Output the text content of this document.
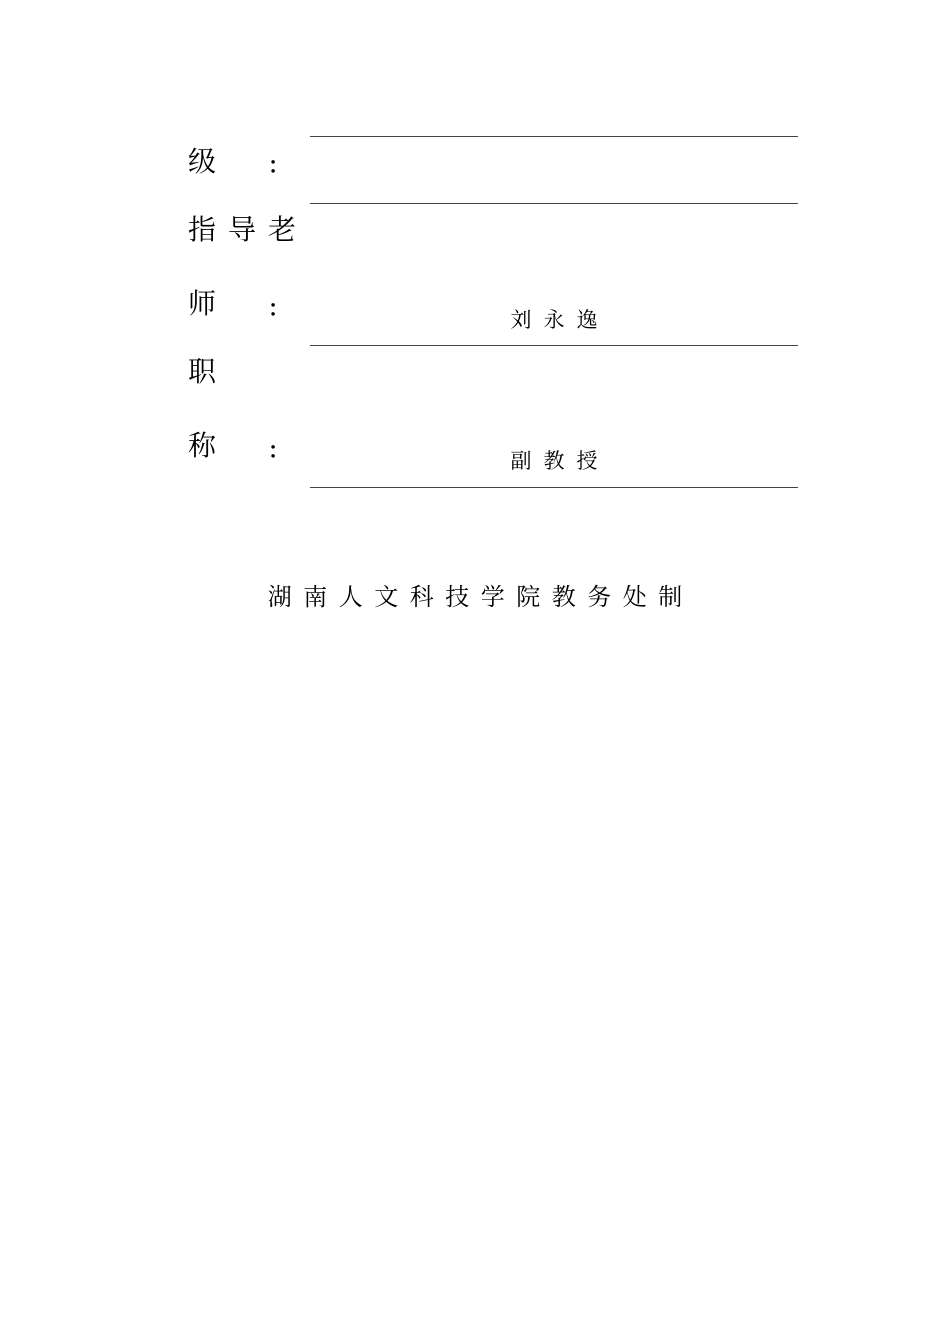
级 ：
指 导 老
师 ：	刘永逸
职
称 ：	副教授
湖南人文科技学院教务处制
